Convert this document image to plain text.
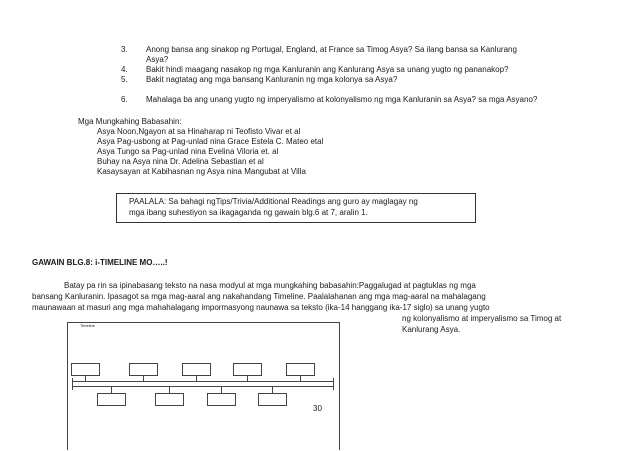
3. Anong bansa ang sinakop ng Portugal, England, at France sa Timog Asya? Sa ilang bansa sa Kanlurang
Asya?
4. Bakit hindi maagang nasakop ng mga Kanluranin ang Kanlurang Asya sa unang yugto ng pananakop?
5. Bakit nagtatag ang mga bansang Kanluranin ng mga kolonya sa Asya?
6. Mahalaga ba ang unang yugto ng imperyalismo at kolonyalismo ng mga Kanluranin sa Asya? sa mga Asyano?
Mga Mungkahing Babasahin:
Asya Noon,Ngayon at sa Hinaharap ni Teofisto Vivar et al
Asya Pag-usbong at Pag-unlad nina Grace Estela C. Mateo etal
Asya Tungo sa Pag-unlad nina Evelina Viloria et. al
Buhay na Asya nina Dr. Adelina Sebastian et al
Kasaysayan at Kabihasnan ng Asya nina Mangubat at Villa
PAALALA: Sa bahagi ngTips/Trivia/Additional Readings ang guro ay maglagay ng
mga ibang suhestiyon sa ikagaganda ng gawain blg.6 at 7, aralin 1.
GAWAIN BLG.8: i-TIMELINE MO…..!
Batay pa rin sa ipinabasang teksto na nasa modyul at mga mungkahing babasahin:Paggalugad at pagtuklas ng mga
bansang Kanluranin. Ipasagot sa mga mag-aaral ang nakahandang Timeline. Paalalahanan ang mga mag-aaral na mahalagang
maunawaan at masuri ang mga mahahalagang impormasyong naunawa sa teksto (ika-14 hanggang ika-17 siglo) sa unang yugto
ng kolonyalismo at imperyalismo sa Timog at
Kanlurang Asya.
Timeline
30
